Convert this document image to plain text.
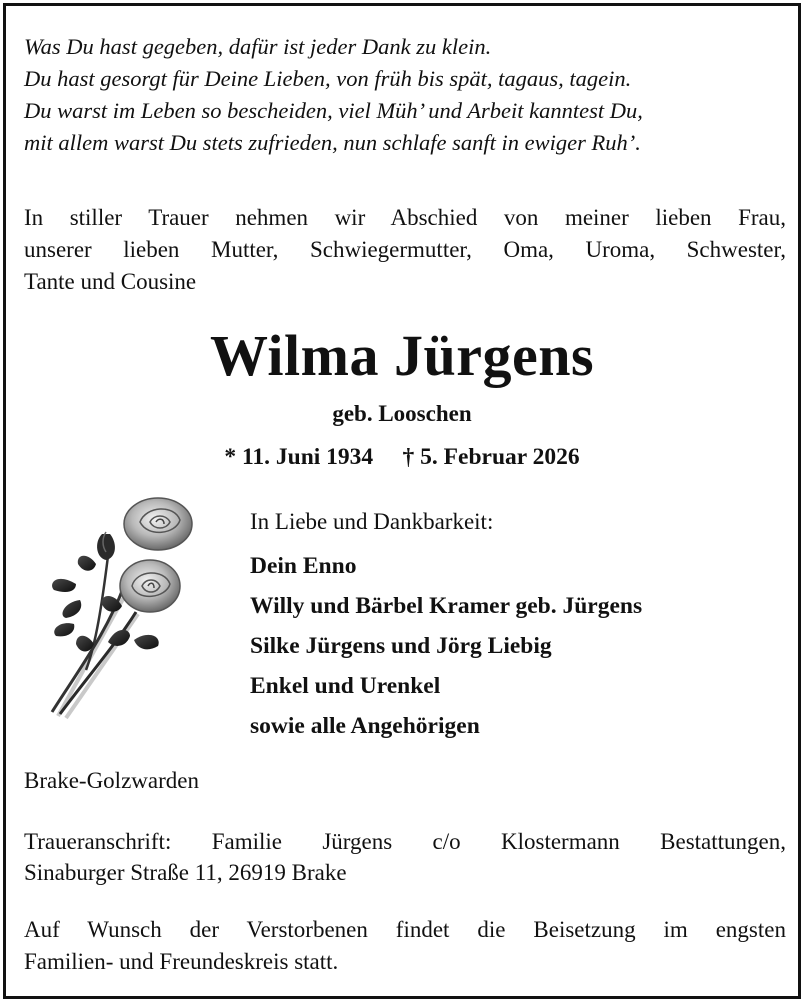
Was Du hast gegeben, dafür ist jeder Dank zu klein.
Du hast gesorgt für Deine Lieben, von früh bis spät, tagaus, tagein.
Du warst im Leben so bescheiden, viel Müh’ und Arbeit kanntest Du,
mit allem warst Du stets zufrieden, nun schlafe sanft in ewiger Ruh’.
In stiller Trauer nehmen wir Abschied von meiner lieben Frau,
unserer lieben Mutter, Schwiegermutter, Oma, Uroma, Schwester,
Tante und Cousine
Wilma Jürgens
geb. Looschen
* 11. Juni 1934     † 5. Februar 2026
In Liebe und Dankbarkeit:
Dein Enno
Willy und Bärbel Kramer geb. Jürgens
Silke Jürgens und Jörg Liebig
Enkel und Urenkel
sowie alle Angehörigen
Brake-Golzwarden
Traueranschrift: Familie Jürgens c/o Klostermann Bestattungen,
Sinaburger Straße 11, 26919 Brake
Auf Wunsch der Verstorbenen findet die Beisetzung im engsten
Familien- und Freundeskreis statt.
